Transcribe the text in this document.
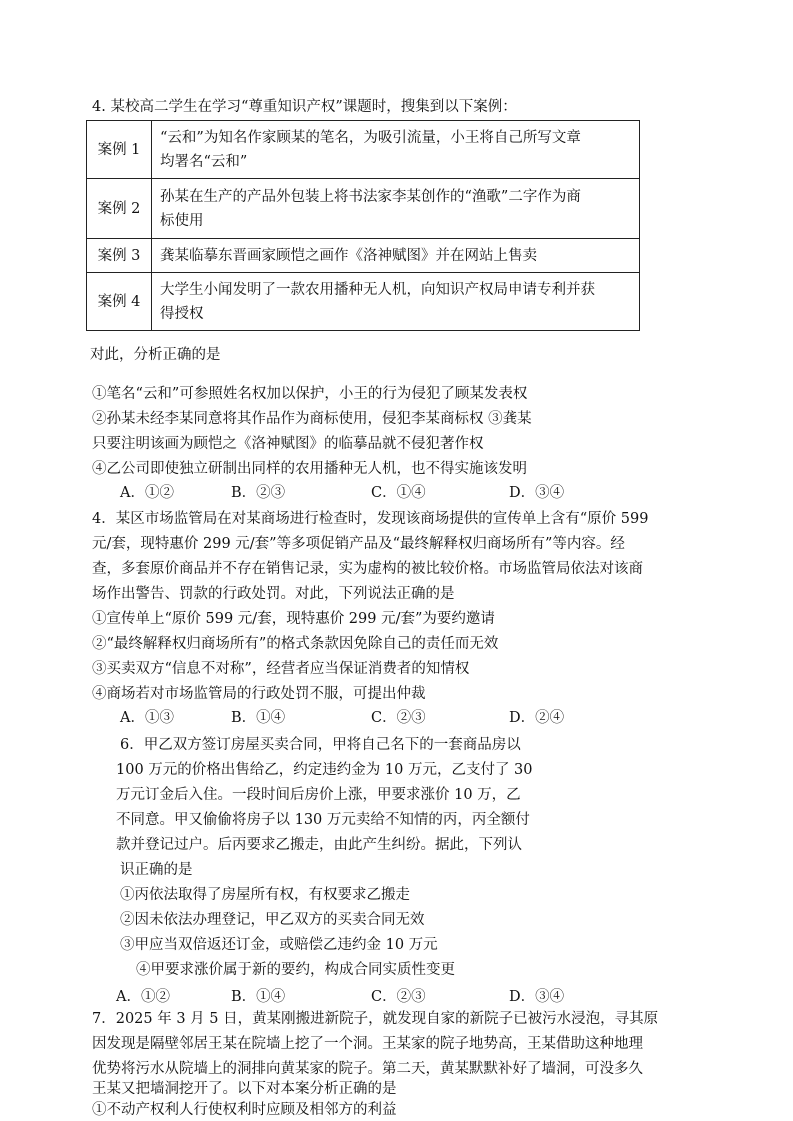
4. 某校高二学生在学习“尊重知识产权”课题时，搜集到以下案例：
案例 1	“云和”为知名作家顾某的笔名，为吸引流量，小王将自己所写文章
均署名“云和”

案例 2	孙某在生产的产品外包装上将书法家李某创作的“渔歌”二字作为商
标使用

案例 3	龚某临摹东晋画家顾恺之画作《洛神赋图》并在网站上售卖

案例 4	大学生小闻发明了一款农用播种无人机，向知识产权局申请专利并获
得授权
对此，分析正确的是
①笔名“云和”可参照姓名权加以保护，小王的行为侵犯了顾某发表权
②孙某未经李某同意将其作品作为商标使用，侵犯李某商标权 ③龚某
只要注明该画为顾恺之《洛神赋图》的临摹品就不侵犯著作权
④乙公司即使独立研制出同样的农用播种无人机，也不得实施该发明
A．①②	B．②③	C．①④	D．③④
4．某区市场监管局在对某商场进行检查时，发现该商场提供的宣传单上含有“原价 599
元/套，现特惠价 299 元/套”等多项促销产品及“最终解释权归商场所有”等内容。经
查，多套原价商品并不存在销售记录，实为虚构的被比较价格。市场监管局依法对该商
场作出警告、罚款的行政处罚。对此，下列说法正确的是
①宣传单上“原价 599 元/套，现特惠价 299 元/套”为要约邀请
②“最终解释权归商场所有”的格式条款因免除自己的责任而无效
③买卖双方“信息不对称”，经营者应当保证消费者的知情权
④商场若对市场监管局的行政处罚不服，可提出仲裁
A．①③	B．①④	C．②③	D．②④
6．甲乙双方签订房屋买卖合同，甲将自己名下的一套商品房以
100 万元的价格出售给乙，约定违约金为 10 万元，乙支付了 30
万元订金后入住。一段时间后房价上涨，甲要求涨价 10 万，乙
不同意。甲又偷偷将房子以 130 万元卖给不知情的丙，丙全额付
款并登记过户。后丙要求乙搬走，由此产生纠纷。据此，下列认
识正确的是
①丙依法取得了房屋所有权，有权要求乙搬走
②因未依法办理登记，甲乙双方的买卖合同无效
③甲应当双倍返还订金，或赔偿乙违约金 10 万元
④甲要求涨价属于新的要约，构成合同实质性变更
A．①②	B．①④	C．②③	D．③④
7．2025 年 3 月 5 日，黄某刚搬进新院子，就发现自家的新院子已被污水浸泡，寻其原
因发现是隔壁邻居王某在院墙上挖了一个洞。王某家的院子地势高，王某借助这种地理
优势将污水从院墙上的洞排向黄某家的院子。第二天，黄某默默补好了墙洞，可没多久
王某又把墙洞挖开了。以下对本案分析正确的是
①不动产权利人行使权利时应顾及相邻方的利益
